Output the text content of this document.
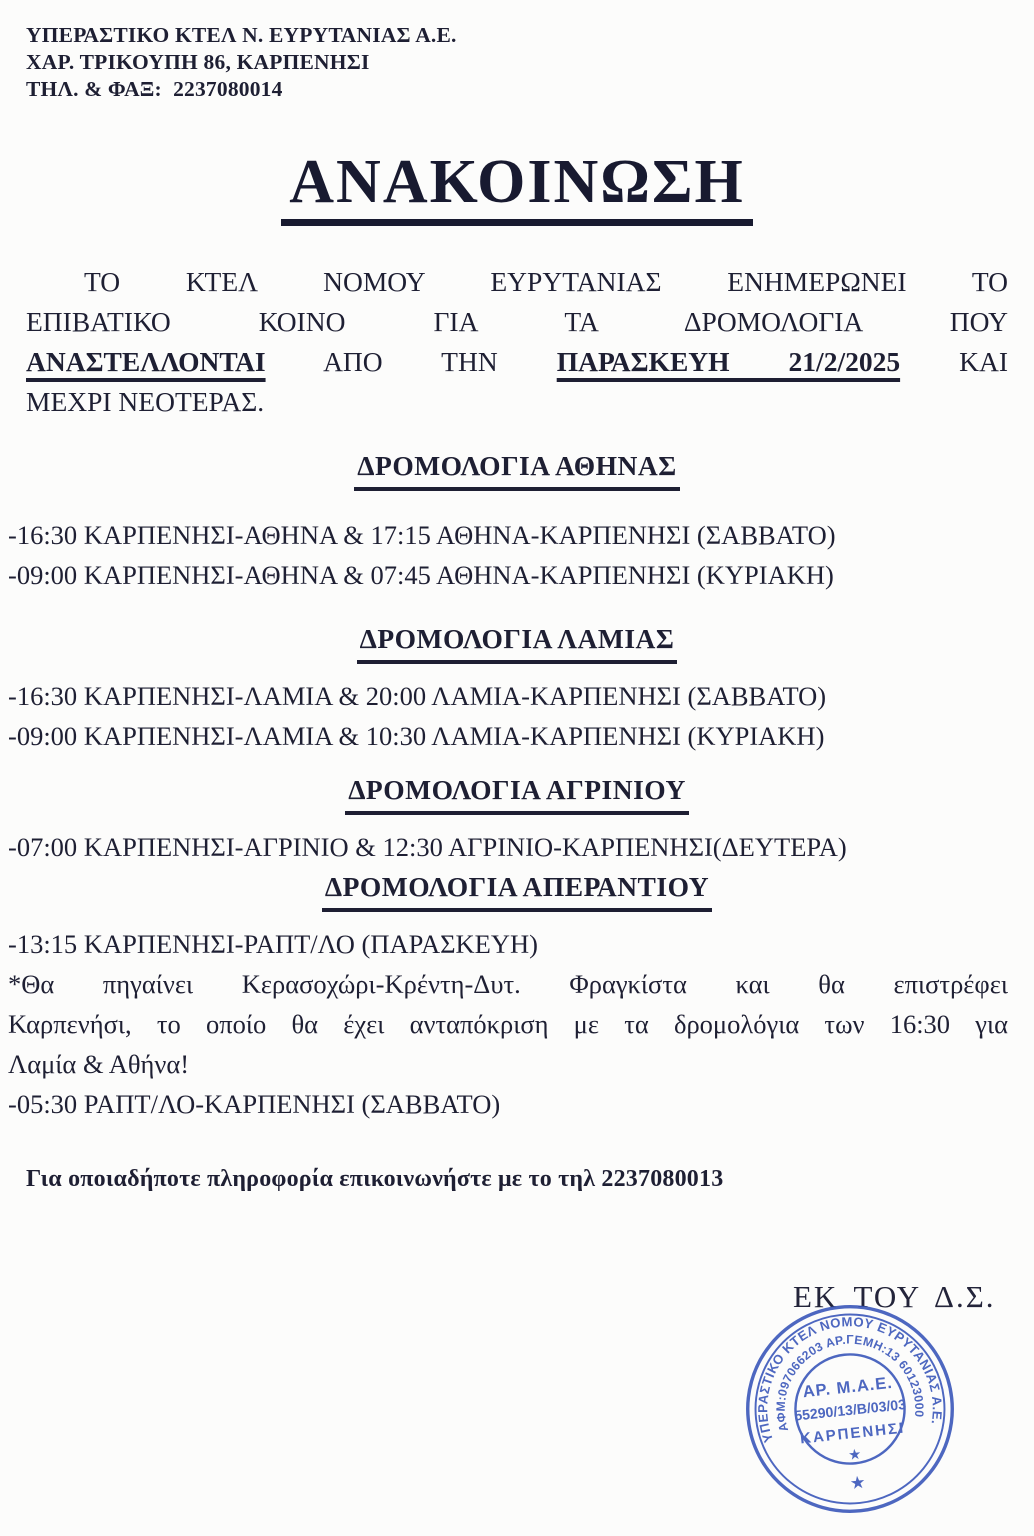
ΥΠΕΡΑΣΤΙΚΟ ΚΤΕΛ Ν. ΕΥΡΥΤΑΝΙΑΣ Α.Ε.
ΧΑΡ. ΤΡΙΚΟΥΠΗ 86, ΚΑΡΠΕΝΗΣΙ
ΤΗΛ. & ΦΑΞ:  2237080014
ΑΝΑΚΟΙΝΩΣΗ
ΤΟ ΚΤΕΛ ΝΟΜΟΥ ΕΥΡΥΤΑΝΙΑΣ ΕΝΗΜΕΡΩΝΕΙ ΤΟ
ΕΠΙΒΑΤΙΚΟ ΚΟΙΝΟ ΓΙΑ ΤΑ ΔΡΟΜΟΛΟΓΙΑ ΠΟΥ
ΑΝΑΣΤΕΛΛΟΝΤΑΙ ΑΠΟ ΤΗΝ ΠΑΡΑΣΚΕΥΗ 21/2/2025 ΚΑΙ
ΜΕΧΡΙ ΝΕΟΤΕΡΑΣ.
ΔΡΟΜΟΛΟΓΙΑ ΑΘΗΝΑΣ
-16:30 ΚΑΡΠΕΝΗΣΙ-ΑΘΗΝΑ & 17:15 ΑΘΗΝΑ-ΚΑΡΠΕΝΗΣΙ (ΣΑΒΒΑΤΟ)
-09:00 ΚΑΡΠΕΝΗΣΙ-ΑΘΗΝΑ & 07:45 ΑΘΗΝΑ-ΚΑΡΠΕΝΗΣΙ (ΚΥΡΙΑΚΗ)
ΔΡΟΜΟΛΟΓΙΑ ΛΑΜΙΑΣ
-16:30 ΚΑΡΠΕΝΗΣΙ-ΛΑΜΙΑ & 20:00 ΛΑΜΙΑ-ΚΑΡΠΕΝΗΣΙ (ΣΑΒΒΑΤΟ)
-09:00 ΚΑΡΠΕΝΗΣΙ-ΛΑΜΙΑ & 10:30 ΛΑΜΙΑ-ΚΑΡΠΕΝΗΣΙ (ΚΥΡΙΑΚΗ)
ΔΡΟΜΟΛΟΓΙΑ ΑΓΡΙΝΙΟΥ
-07:00 ΚΑΡΠΕΝΗΣΙ-ΑΓΡΙΝΙΟ & 12:30 ΑΓΡΙΝΙΟ-ΚΑΡΠΕΝΗΣΙ(ΔΕΥΤΕΡΑ)
ΔΡΟΜΟΛΟΓΙΑ ΑΠΕΡΑΝΤΙΟΥ
-13:15 ΚΑΡΠΕΝΗΣΙ-ΡΑΠΤ/ΛΟ (ΠΑΡΑΣΚΕΥΗ)
*Θα πηγαίνει Κερασοχώρι-Κρέντη-Δυτ. Φραγκίστα και θα επιστρέφει
Καρπενήσι, το οποίο θα έχει ανταπόκριση με τα δρομολόγια των 16:30 για
Λαμία & Αθήνα!
-05:30 ΡΑΠΤ/ΛΟ-ΚΑΡΠΕΝΗΣΙ (ΣΑΒΒΑΤΟ)
Για οποιαδήποτε πληροφορία επικοινωνήστε με το τηλ 2237080013
ΕΚ ΤΟΥ Δ.Σ.
ΥΠΕΡΑΣΤΙΚΟ ΚΤΕΛ ΝΟΜΟΥ ΕΥΡΥΤΑΝΙΑΣ Α.Ε.
ΑΦΜ:097066203 ΑΡ.ΓΕΜΗ:13 60123000
ΑΡ. Μ.Α.Ε.
55290/13/Β/03/03
ΚΑΡΠΕΝΗΣΙ
★
★
